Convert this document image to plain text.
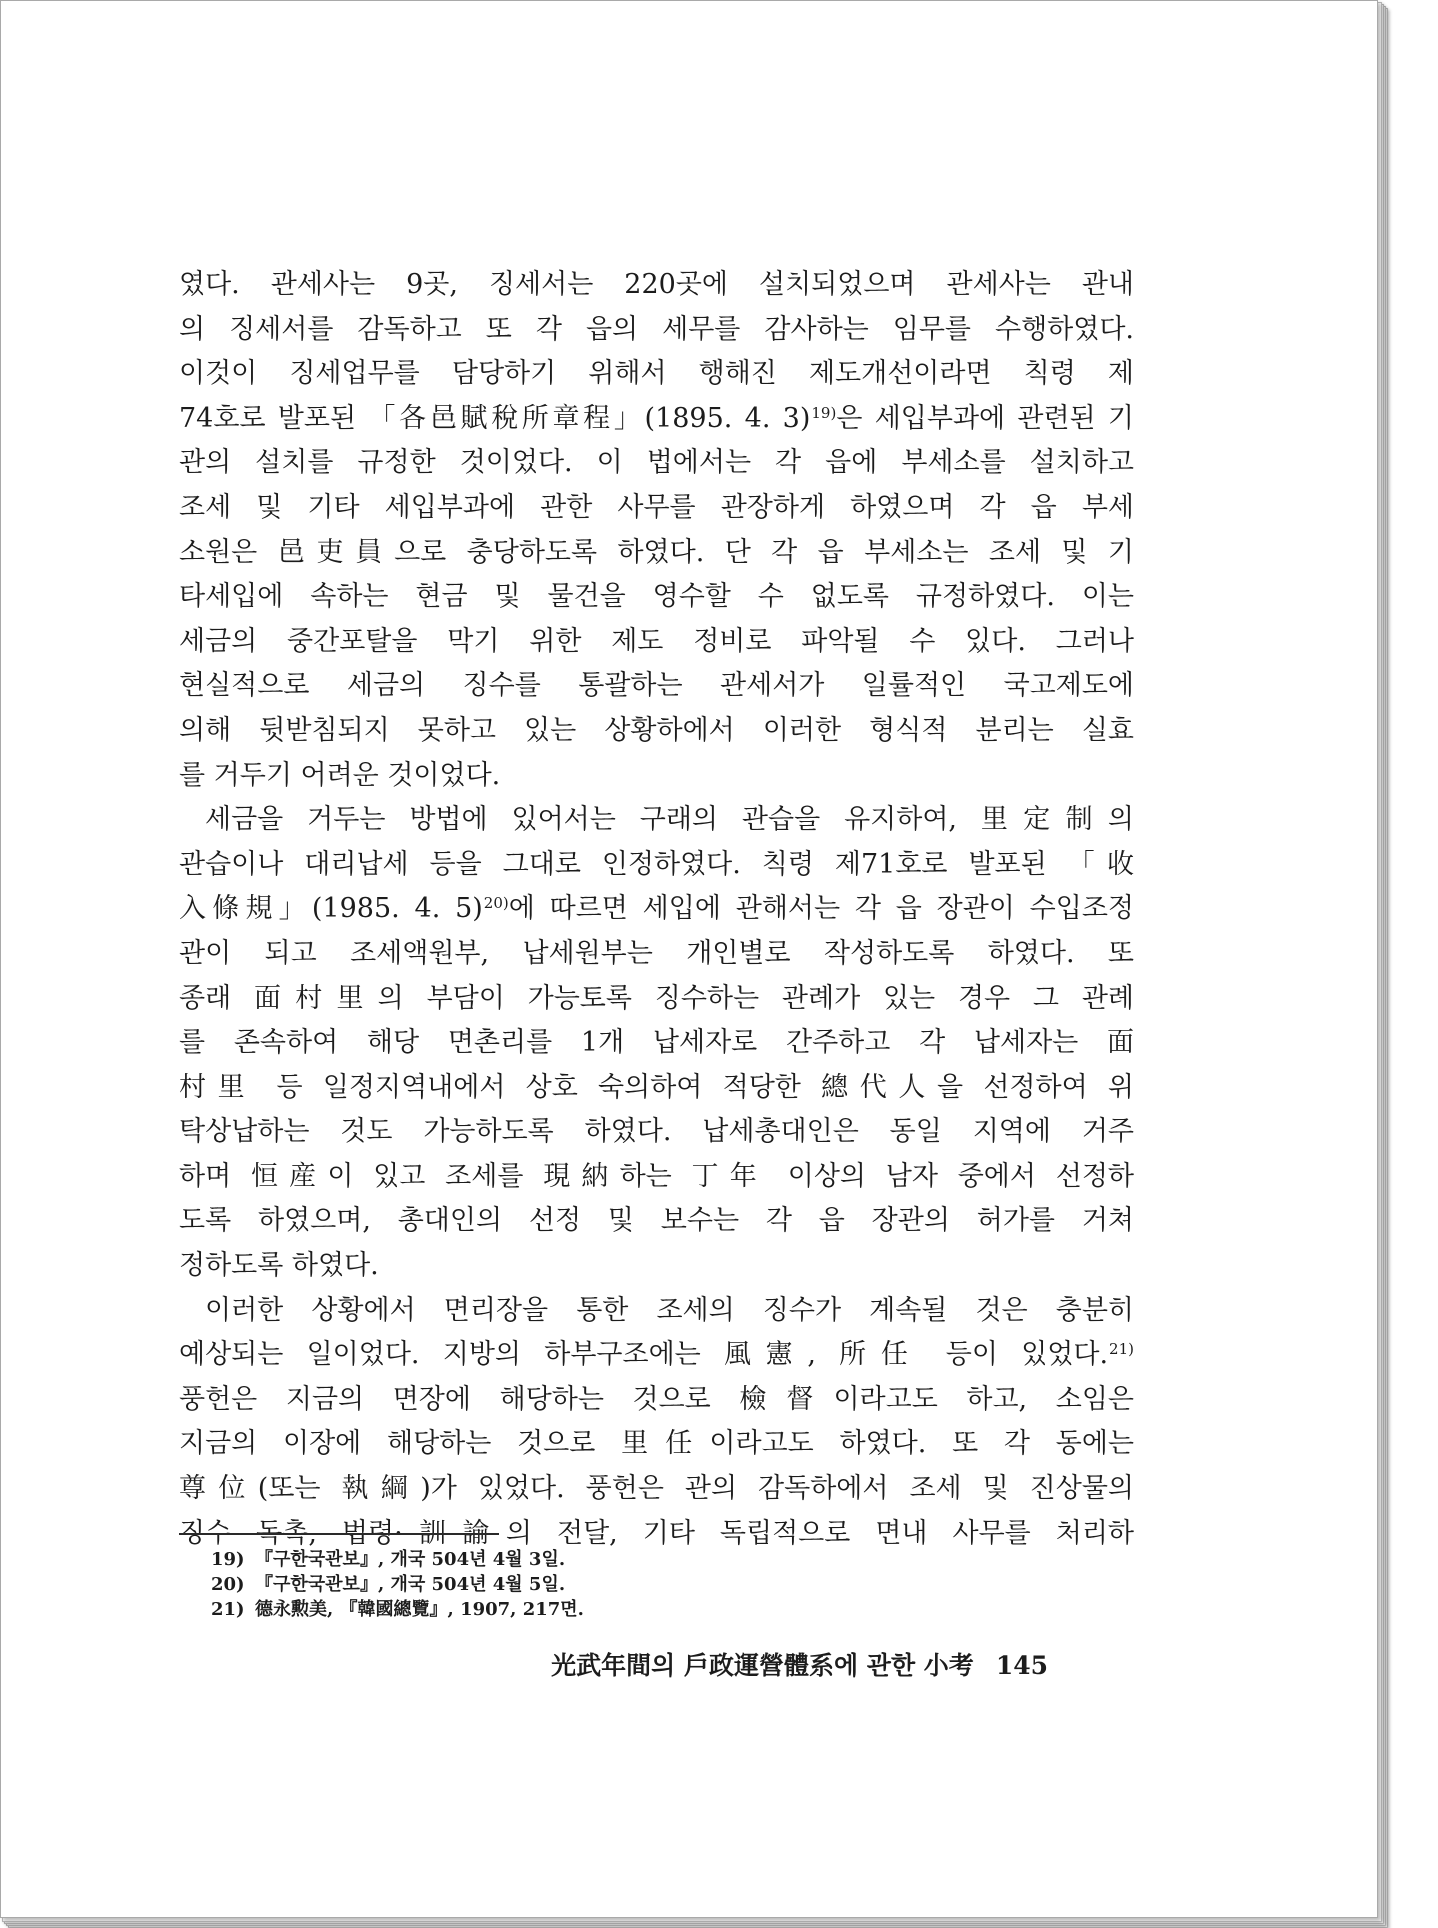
였다. 관세사는 9곳, 징세서는 220곳에 설치되었으며 관세사는 관내
의 징세서를 감독하고 또 각 읍의 세무를 감사하는 임무를 수행하였다.
이것이 징세업무를 담당하기 위해서 행해진 제도개선이라면 칙령 제
74호로 발포된 「各邑賦稅所章程」(1895. 4. 3)$^{19)}$은 세입부과에 관련된 기
관의 설치를 규정한 것이었다. 이 법에서는 각 읍에 부세소를 설치하고
조세 및 기타 세입부과에 관한 사무를 관장하게 하였으며 각 읍 부세
소원은 邑吏員으로 충당하도록 하였다. 단 각 읍 부세소는 조세 및 기
타세입에 속하는 현금 및 물건을 영수할 수 없도록 규정하였다. 이는
세금의 중간포탈을 막기 위한 제도 정비로 파악될 수 있다. 그러나
현실적으로 세금의 징수를 통괄하는 관세서가 일률적인 국고제도에
의해 뒷받침되지 못하고 있는 상황하에서 이러한 형식적 분리는 실효
를 거두기 어려운 것이었다.
세금을 거두는 방법에 있어서는 구래의 관습을 유지하여, 里定制의
관습이나 대리납세 등을 그대로 인정하였다. 칙령 제71호로 발포된 「收
入條規」(1985. 4. 5)$^{20)}$에 따르면 세입에 관해서는 각 읍 장관이 수입조정
관이 되고 조세액원부, 납세원부는 개인별로 작성하도록 하였다. 또
종래 面村里의 부담이 가능토록 징수하는 관례가 있는 경우 그 관례
를 존속하여 해당 면촌리를 1개 납세자로 간주하고 각 납세자는 面
村里 등 일정지역내에서 상호 숙의하여 적당한 總代人을 선정하여 위
탁상납하는 것도 가능하도록 하였다. 납세총대인은 동일 지역에 거주
하며 恒産이 있고 조세를 現納하는 丁年 이상의 남자 중에서 선정하
도록 하였으며, 총대인의 선정 및 보수는 각 읍 장관의 허가를 거쳐
정하도록 하였다.
이러한 상황에서 면리장을 통한 조세의 징수가 계속될 것은 충분히
예상되는 일이었다. 지방의 하부구조에는 風憲, 所任 등이 있었다.$^{21)}$
풍헌은 지금의 면장에 해당하는 것으로 檢督이라고도 하고, 소임은
지금의 이장에 해당하는 것으로 里任이라고도 하였다. 또 각 동에는
尊位(또는 執綱)가 있었다. 풍헌은 관의 감독하에서 조세 및 진상물의
징수 독촉, 법령·訓諭의 전달, 기타 독립적으로 면내 사무를 처리하
19) 『구한국관보』, 개국 504년 4월 3일.
20) 『구한국관보』, 개국 504년 4월 5일.
21) 德永勲美, 『韓國總覽』, 1907, 217면.
光武年間의 戶政運營體系에 관한 小考 145
